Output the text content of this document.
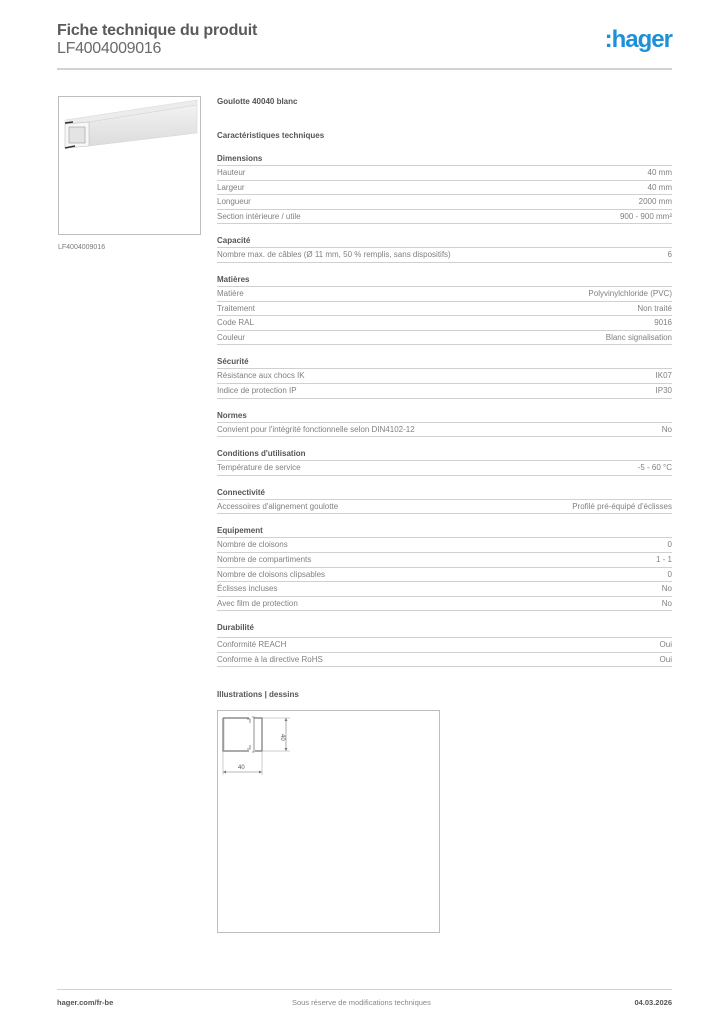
Fiche technique du produit
LF4004009016	:hager
LF4004009016
Goulotte 40040 blanc
Caractéristiques techniques
Dimensions
Hauteur	40 mm
Largeur	40 mm
Longueur	2000 mm
Section intérieure / utile	900 - 900 mm²
Capacité
Nombre max. de câbles (Ø 11 mm, 50 % remplis, sans dispositifs)	6
Matières
Matière	Polyvinylchloride (PVC)
Traitement	Non traité
Code RAL	9016
Couleur	Blanc signalisation
Sécurité
Résistance aux chocs IK	IK07
Indice de protection IP	IP30
Normes
Convient pour l'intégrité fonctionnelle selon DIN4102-12	No
Conditions d'utilisation
Température de service	-5 - 60 °C
Connectivité
Accessoires d'alignement goulotte	Profilé pré-équipé d'éclisses
Equipement
Nombre de cloisons	0
Nombre de compartiments	1 - 1
Nombre de cloisons clipsables	0
Éclisses incluses	No
Avec film de protection	No
Durabilité
Conformité REACH	Oui
Conforme à la directive RoHS	Oui
Illustrations | dessins
40
40
hager.com/fr-be	Sous réserve de modifications techniques	04.03.2026
